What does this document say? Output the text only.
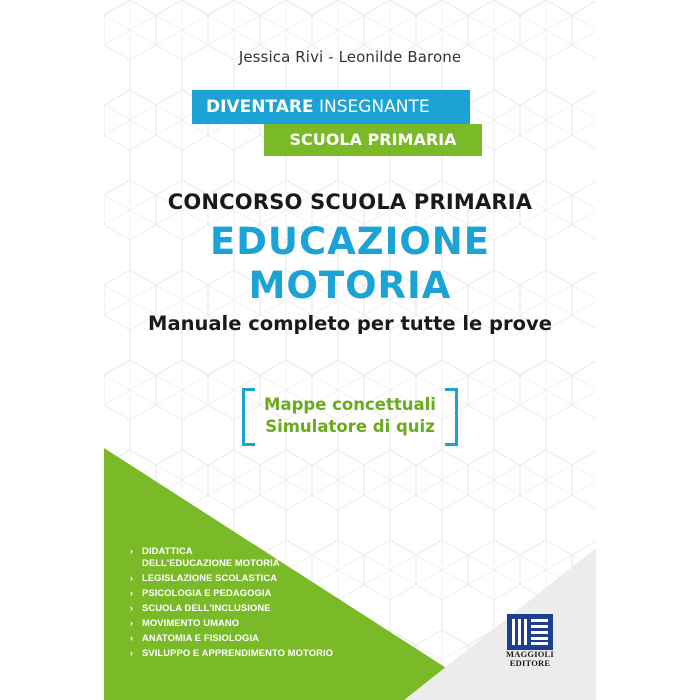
Jessica Rivi - Leonilde Barone
DIVENTARE INSEGNANTE
SCUOLA PRIMARIA
CONCORSO SCUOLA PRIMARIA
EDUCAZIONE
MOTORIA
Manuale completo per tutte le prove
Mappe concettuali
Simulatore di quiz
› DIDATTICA
DELL'EDUCAZIONE MOTORIA
› LEGISLAZIONE SCOLASTICA
› PSICOLOGIA E PEDAGOGIA
› SCUOLA DELL'INCLUSIONE
› MOVIMENTO UMANO
› ANATOMIA E FISIOLOGIA
› SVILUPPO E APPRENDIMENTO MOTORIO	MAGGIOLI
EDITORE
